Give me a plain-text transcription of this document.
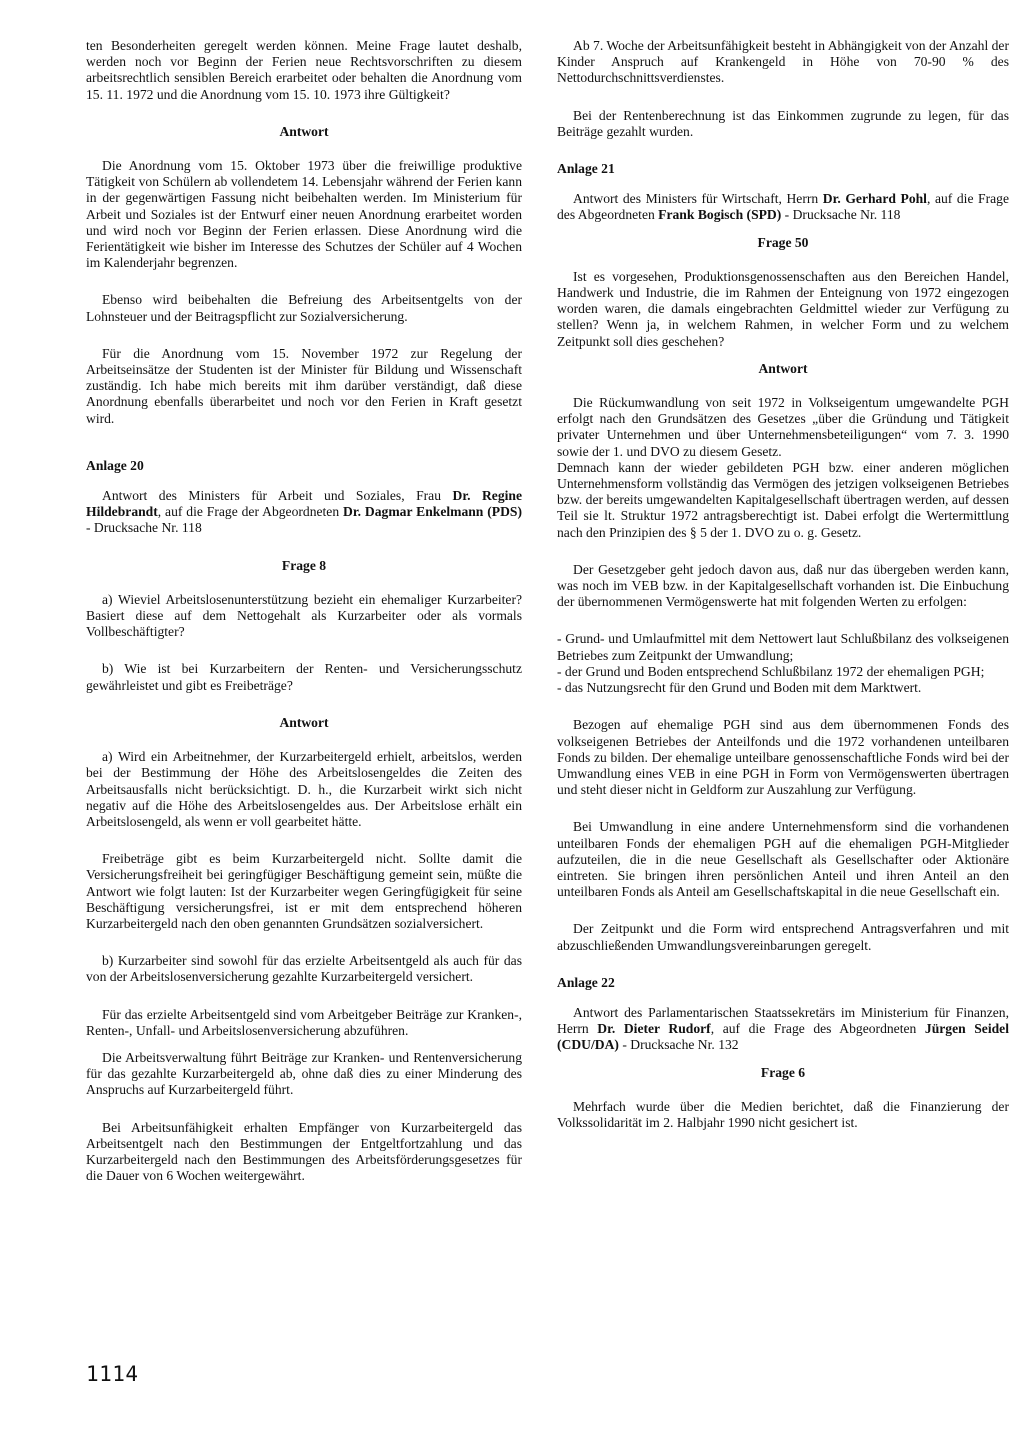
ten Besonderheiten geregelt werden können. Meine Frage lautet deshalb, werden noch vor Beginn der Ferien neue Rechtsvorschriften zu diesem arbeitsrechtlich sensiblen Bereich erarbeitet oder behalten die Anordnung vom 15. 11. 1972 und die Anordnung vom 15. 10. 1973 ihre Gültigkeit?

Antwort

Die Anordnung vom 15. Oktober 1973 über die freiwillige produktive Tätigkeit von Schülern ab vollendetem 14. Lebensjahr während der Ferien kann in der gegenwärtigen Fassung nicht beibehalten werden. Im Ministerium für Arbeit und Soziales ist der Entwurf einer neuen Anordnung erarbeitet worden und wird noch vor Beginn der Ferien erlassen. Diese Anordnung wird die Ferientätigkeit wie bisher im Interesse des Schutzes der Schüler auf 4 Wochen im Kalenderjahr begrenzen.

Ebenso wird beibehalten die Befreiung des Arbeitsentgelts von der Lohnsteuer und der Beitragspflicht zur Sozialversicherung.

Für die Anordnung vom 15. November 1972 zur Regelung der Arbeitseinsätze der Studenten ist der Minister für Bildung und Wissenschaft zuständig. Ich habe mich bereits mit ihm darüber verständigt, daß diese Anordnung ebenfalls überarbeitet und noch vor den Ferien in Kraft gesetzt wird.

Anlage 20

Antwort des Ministers für Arbeit und Soziales, Frau Dr. Regine Hildebrandt, auf die Frage der Abgeordneten Dr. Dagmar Enkelmann (PDS) - Drucksache Nr. 118

Frage 8

a) Wieviel Arbeitslosenunterstützung bezieht ein ehemaliger Kurzarbeiter? Basiert diese auf dem Nettogehalt als Kurzarbeiter oder als vormals Vollbeschäftigter?

b) Wie ist bei Kurzarbeitern der Renten- und Versicherungsschutz gewährleistet und gibt es Freibeträge?

Antwort

a) Wird ein Arbeitnehmer, der Kurzarbeitergeld erhielt, arbeitslos, werden bei der Bestimmung der Höhe des Arbeitslosengeldes die Zeiten des Arbeitsausfalls nicht berücksichtigt. D. h., die Kurzarbeit wirkt sich nicht negativ auf die Höhe des Arbeitslosengeldes aus. Der Arbeitslose erhält ein Arbeitslosengeld, als wenn er voll gearbeitet hätte.

Freibeträge gibt es beim Kurzarbeitergeld nicht. Sollte damit die Versicherungsfreiheit bei geringfügiger Beschäftigung gemeint sein, müßte die Antwort wie folgt lauten: Ist der Kurzarbeiter wegen Geringfügigkeit für seine Beschäftigung versicherungsfrei, ist er mit dem entsprechend höheren Kurzarbeitergeld nach den oben genannten Grundsätzen sozialversichert.

b) Kurzarbeiter sind sowohl für das erzielte Arbeitsentgeld als auch für das von der Arbeitslosenversicherung gezahlte Kurzarbeitergeld versichert.

Für das erzielte Arbeitsentgeld sind vom Arbeitgeber Beiträge zur Kranken-, Renten-, Unfall- und Arbeitslosenversicherung abzuführen.

Die Arbeitsverwaltung führt Beiträge zur Kranken- und Rentenversicherung für das gezahlte Kurzarbeitergeld ab, ohne daß dies zu einer Minderung des Anspruchs auf Kurzarbeitergeld führt.

Bei Arbeitsunfähigkeit erhalten Empfänger von Kurzarbeitergeld das Arbeitsentgelt nach den Bestimmungen der Entgeltfortzahlung und das Kurzarbeitergeld nach den Bestimmungen des Arbeitsförderungsgesetzes für die Dauer von 6 Wochen weitergewährt.

Ab 7. Woche der Arbeitsunfähigkeit besteht in Abhängigkeit von der Anzahl der Kinder Anspruch auf Krankengeld in Höhe von 70-90 % des Nettodurchschnittsverdienstes.

Bei der Rentenberechnung ist das Einkommen zugrunde zu legen, für das Beiträge gezahlt wurden.

Anlage 21

Antwort des Ministers für Wirtschaft, Herrn Dr. Gerhard Pohl, auf die Frage des Abgeordneten Frank Bogisch (SPD) - Drucksache Nr. 118

Frage 50

Ist es vorgesehen, Produktionsgenossenschaften aus den Bereichen Handel, Handwerk und Industrie, die im Rahmen der Enteignung von 1972 eingezogen worden waren, die damals eingebrachten Geldmittel wieder zur Verfügung zu stellen? Wenn ja, in welchem Rahmen, in welcher Form und zu welchem Zeitpunkt soll dies geschehen?

Antwort

Die Rückumwandlung von seit 1972 in Volkseigentum umgewandelte PGH erfolgt nach den Grundsätzen des Gesetzes „über die Gründung und Tätigkeit privater Unternehmen und über Unternehmensbeteiligungen“ vom 7. 3. 1990 sowie der 1. und DVO zu diesem Gesetz.

Demnach kann der wieder gebildeten PGH bzw. einer anderen möglichen Unternehmensform vollständig das Vermögen des jetzigen volkseigenen Betriebes bzw. der bereits umgewandelten Kapitalgesellschaft übertragen werden, auf dessen Teil sie lt. Struktur 1972 antragsberechtigt ist. Dabei erfolgt die Wertermittlung nach den Prinzipien des § 5 der 1. DVO zu o. g. Gesetz.

Der Gesetzgeber geht jedoch davon aus, daß nur das übergeben werden kann, was noch im VEB bzw. in der Kapitalgesellschaft vorhanden ist. Die Einbuchung der übernommenen Vermögenswerte hat mit folgenden Werten zu erfolgen:

- Grund- und Umlaufmittel mit dem Nettowert laut Schlußbilanz des volkseigenen Betriebes zum Zeitpunkt der Umwandlung;

- der Grund und Boden entsprechend Schlußbilanz 1972 der ehemaligen PGH;

- das Nutzungsrecht für den Grund und Boden mit dem Marktwert.

Bezogen auf ehemalige PGH sind aus dem übernommenen Fonds des volkseigenen Betriebes der Anteilfonds und die 1972 vorhandenen unteilbaren Fonds zu bilden. Der ehemalige unteilbare genossenschaftliche Fonds wird bei der Umwandlung eines VEB in eine PGH in Form von Vermögenswerten übertragen und steht dieser nicht in Geldform zur Auszahlung zur Verfügung.

Bei Umwandlung in eine andere Unternehmensform sind die vorhandenen unteilbaren Fonds der ehemaligen PGH auf die ehemaligen PGH-Mitglieder aufzuteilen, die in die neue Gesellschaft als Gesellschafter oder Aktionäre eintreten. Sie bringen ihren persönlichen Anteil und ihren Anteil an den unteilbaren Fonds als Anteil am Gesellschaftskapital in die neue Gesellschaft ein.

Der Zeitpunkt und die Form wird entsprechend Antragsverfahren und mit abzuschließenden Umwandlungsvereinbarungen geregelt.

Anlage 22

Antwort des Parlamentarischen Staatssekretärs im Ministerium für Finanzen, Herrn Dr. Dieter Rudorf, auf die Frage des Abgeordneten Jürgen Seidel (CDU/DA) - Drucksache Nr. 132

Frage 6

Mehrfach wurde über die Medien berichtet, daß die Finanzierung der Volkssolidarität im 2. Halbjahr 1990 nicht gesichert ist.

1114
